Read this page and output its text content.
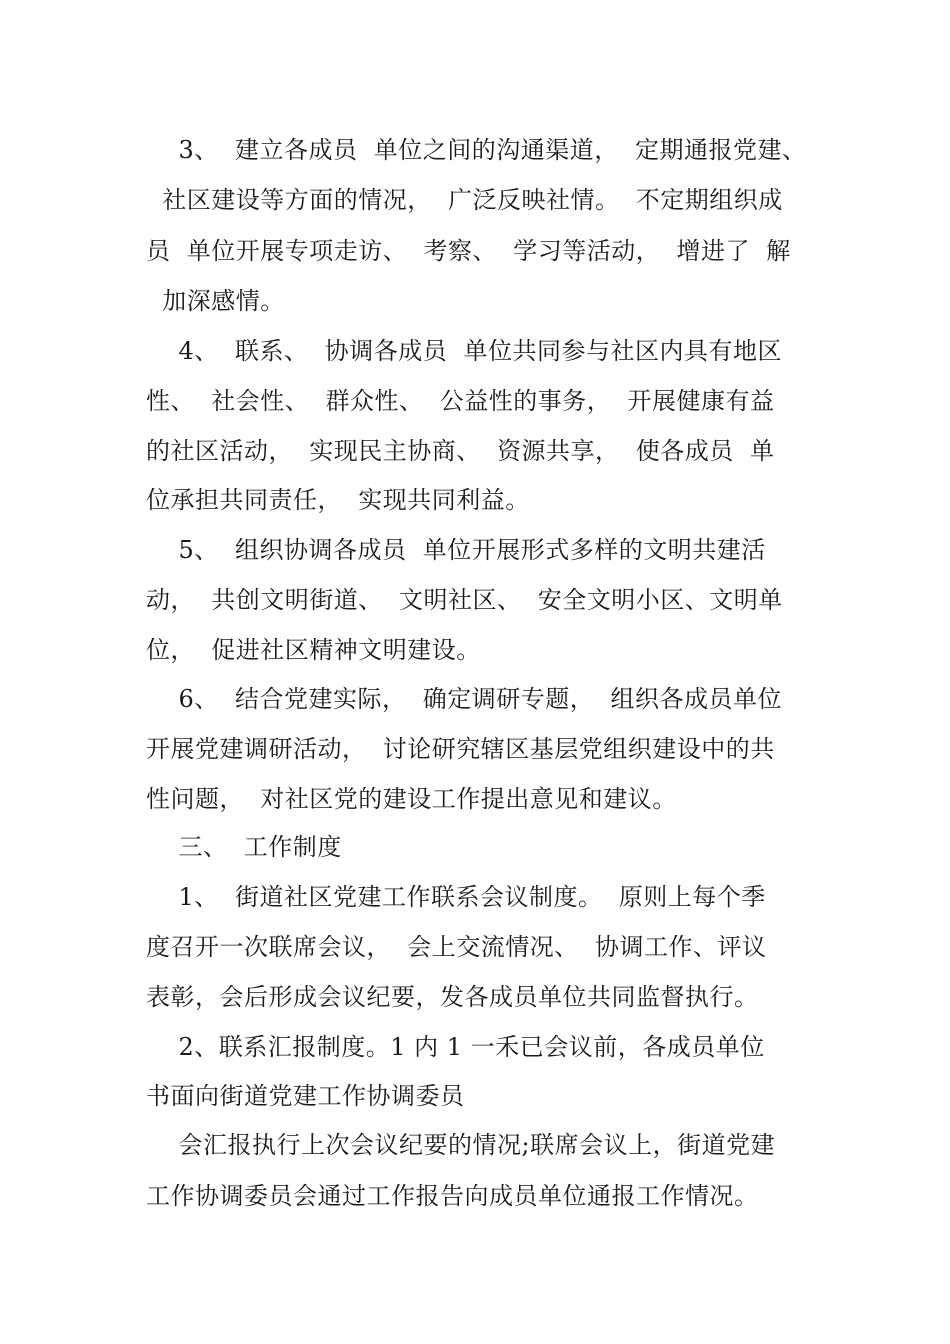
3、  建立各成员  单位之间的沟通渠道，  定期通报党建、
社区建设等方面的情况，  广泛反映社情。  不定期组织成
员  单位开展专项走访、  考察、  学习等活动，  增进了  解
加深感情。
4、  联系、  协调各成员  单位共同参与社区内具有地区
性、  社会性、  群众性、  公益性的事务，  开展健康有益
的社区活动，  实现民主协商、  资源共享，  使各成员  单
位承担共同责任，  实现共同利益。
5、  组织协调各成员  单位开展形式多样的文明共建活
动，  共创文明街道、  文明社区、  安全文明小区、文明单
位，  促进社区精神文明建设。
6、  结合党建实际，  确定调研专题，  组织各成员单位
开展党建调研活动，  讨论研究辖区基层党组织建设中的共
性问题，  对社区党的建设工作提出意见和建议。
三、  工作制度
1、  街道社区党建工作联系会议制度。  原则上每个季
度召开一次联席会议，  会上交流情况、  协调工作、评议
表彰，会后形成会议纪要，发各成员单位共同监督执行。
2、联系汇报制度。1 内 1 一禾已会议前，各成员单位
书面向街道党建工作协调委员
会汇报执行上次会议纪要的情况;联席会议上，街道党建
工作协调委员会通过工作报告向成员单位通报工作情况。
